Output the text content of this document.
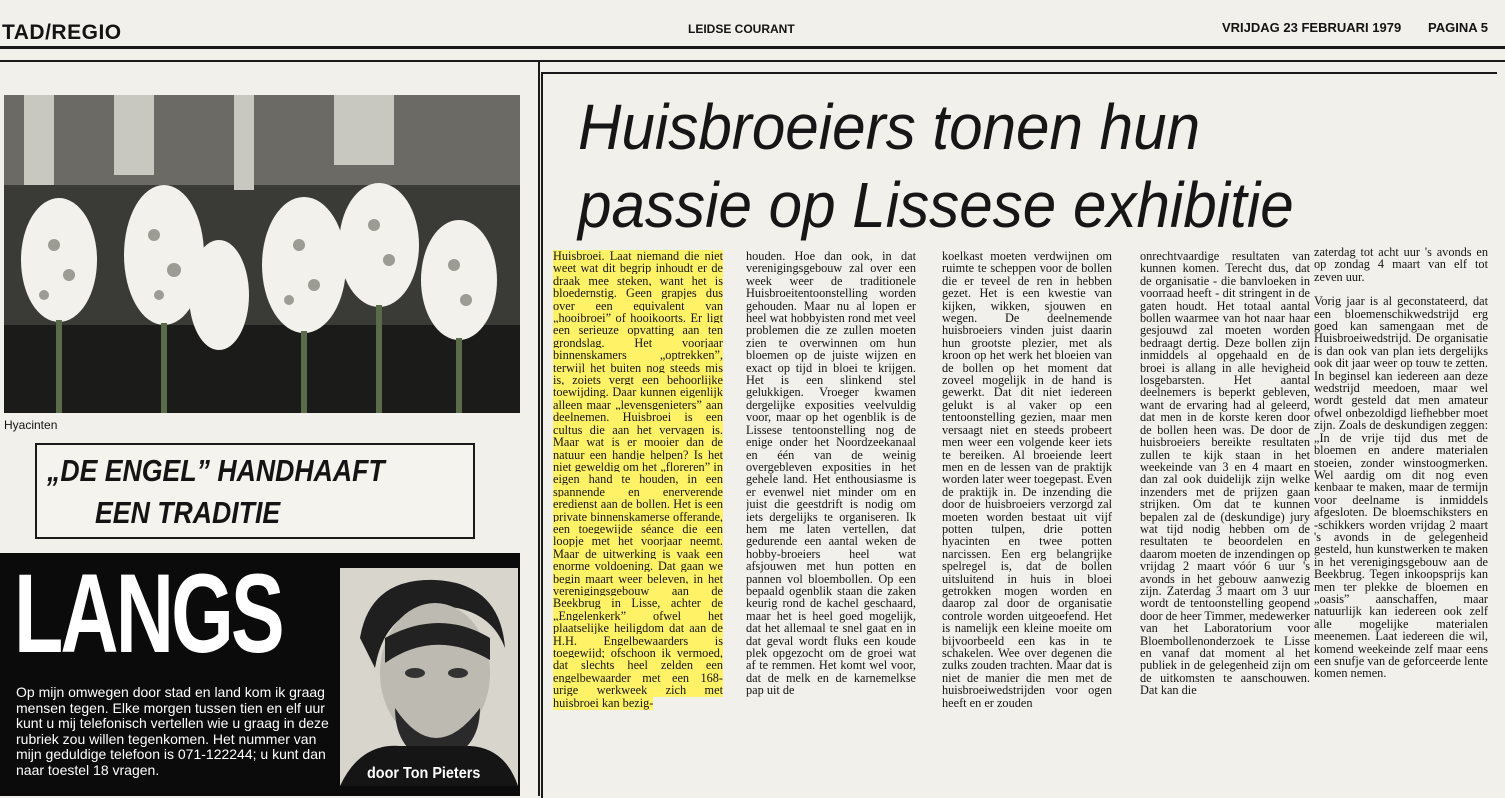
TAD/REGIO	LEIDSE COURANT	VRIJDAG 23 FEBRUARI 1979 PAGINA 5
Hyacinten
„DE ENGEL” HANDHAAFT
EEN TRADITIE
LANGS
Op mijn omwegen door stad en land kom ik graag mensen tegen. Elke morgen tussen tien en elf uur kunt u mij telefonisch vertellen wie u graag in deze rubriek zou willen tegenkomen. Het nummer van mijn geduldige telefoon is 071-122244; u kunt dan naar toestel 18 vragen.	door Ton Pieters
Huisbroeiers tonen hun
passie op Lissese exhibitie

Huisbroei. Laat niemand die niet weet wat dit begrip inhoudt er de draak mee steken, want het is bloedernstig. Geen grapjes dus over een equivalent van „hooibroei” of hooikoorts. Er ligt een serieuze opvatting aan ten grondslag. Het voorjaar binnenskamers „optrekken”, terwijl het buiten nog steeds mis is, zoiets vergt een behoorlijke toewijding. Daar kunnen eigenlijk alleen maar „levensgenieters” aan deelnemen. Huisbroei is een cultus die aan het vervagen is. Maar wat is er mooier dan de natuur een handje helpen? Is het niet geweldig om het „floreren” in eigen hand te houden, in een spannende en enerverende eredienst aan de bollen. Het is een private binnenskamerse offerande, een toegewijde séance die een loopje met het voorjaar neemt. Maar de uitwerking is vaak een enorme voldoening. Dat gaan we begin maart weer beleven, in het verenigingsgebouw aan de Beekbrug in Lisse, achter de „Engelenkerk” ofwel het plaatselijke heiligdom dat aan de H.H. Engelbewaarders is toegewijd; ofschoon ik vermoed, dat slechts heel zelden een engelbewaarder met een 168-urige werkweek zich met huisbroei kan bezig-

houden. Hoe dan ook, in dat verenigingsgebouw zal over een week weer de traditionele Huisbroeitentoonstelling worden gehouden. Maar nu al lopen er heel wat hobbyisten rond met veel problemen die ze zullen moeten zien te overwinnen om hun bloemen op de juiste wijzen en exact op tijd in bloei te krijgen. Het is een slinkend stel gelukkigen. Vroeger kwamen dergelijke exposities veelvuldig voor, maar op het ogenblik is de Lissese tentoonstelling nog de enige onder het Noordzeekanaal en één van de weinig overgebleven exposities in het gehele land. Het enthousiasme is er evenwel niet minder om en juist die geestdrift is nodig om iets dergelijks te organiseren. Ik hem me laten vertellen, dat gedurende een aantal weken de hobby-broeiers heel wat afsjouwen met hun potten en pannen vol bloembollen. Op een bepaald ogenblik staan die zaken keurig rond de kachel geschaard, maar het is heel goed mogelijk, dat het allemaal te snel gaat en in dat geval wordt fluks een koude plek opgezocht om de groei wat af te remmen. Het komt wel voor, dat de melk en de karnemelkse pap uit de

koelkast moeten verdwijnen om ruimte te scheppen voor de bollen die er teveel de ren in hebben gezet. Het is een kwestie van kijken, wikken, sjouwen en wegen. De deelnemende huisbroeiers vinden juist daarin hun grootste plezier, met als kroon op het werk het bloeien van de bollen op het moment dat zoveel mogelijk in de hand is gewerkt. Dat dit niet iedereen gelukt is al vaker op een tentoonstelling gezien, maar men versaagt niet en steeds probeert men weer een volgende keer iets te bereiken. Al broeiende leert men en de lessen van de praktijk worden later weer toegepast. Even de praktijk in. De inzending die door de huisbroeiers verzorgd zal moeten worden bestaat uit vijf potten tulpen, drie potten hyacinten en twee potten narcissen. Een erg belangrijke spelregel is, dat de bollen uitsluitend in huis in bloei getrokken mogen worden en daarop zal door de organisatie controle worden uitgeoefend. Het is namelijk een kleine moeite om bijvoorbeeld een kas in te schakelen. Wee over degenen die zulks zouden trachten. Maar dat is niet de manier die men met de huisbroeiwedstrijden voor ogen heeft en er zouden

onrechtvaardige resultaten van kunnen komen. Terecht dus, dat de organisatie - die banvloeken in voorraad heeft - dit stringent in de gaten houdt. Het totaal aantal bollen waarmee van hot naar haar gesjouwd zal moeten worden bedraagt dertig. Deze bollen zijn inmiddels al opgehaald en de broei is allang in alle hevigheid losgebarsten. Het aantal deelnemers is beperkt gebleven, want de ervaring had al geleerd, dat men in de korste keren door de bollen heen was. De door de huisbroeiers bereikte resultaten zullen te kijk staan in het weekeinde van 3 en 4 maart en dan zal ook duidelijk zijn welke inzenders met de prijzen gaan strijken. Om dat te kunnen bepalen zal de (deskundige) jury wat tijd nodig hebben om de resultaten te beoordelen en daarom moeten de inzendingen op vrijdag 2 maart vóór 6 uur 's avonds in het gebouw aanwezig zijn. Zaterdag 3 maart om 3 uur wordt de tentoonstelling geopend door de heer Timmer, medewerker van het Laboratorium voor Bloembollenonderzoek te Lisse en vanaf dat moment al het publiek in de gelegenheid zijn om de uitkomsten te aanschouwen. Dat kan die

zaterdag tot acht uur 's avonds en op zondag 4 maart van elf tot zeven uur.

Vorig jaar is al geconstateerd, dat een bloemenschikwedstrijd erg goed kan samengaan met de Huisbroeiwedstrijd. De organisatie is dan ook van plan iets dergelijks ook dit jaar weer op touw te zetten. In beginsel kan iedereen aan deze wedstrijd meedoen, maar wel wordt gesteld dat men amateur ofwel onbezoldigd liefhebber moet zijn. Zoals de deskundigen zeggen: „In de vrije tijd dus met de bloemen en andere materialen stoeien, zonder winstoogmerken. Wel aardig om dit nog even kenbaar te maken, maar de termijn voor deelname is inmiddels afgesloten. De bloemschiksters en -schikkers worden vrijdag 2 maart 's avonds in de gelegenheid gesteld, hun kunstwerken te maken in het verenigingsgebouw aan de Beekbrug. Tegen inkoopsprijs kan men ter plekke de bloemen en „oasis” aanschaffen, maar natuurlijk kan iedereen ook zelf alle mogelijke materialen meenemen. Laat iedereen die wil, komend weekeinde zelf maar eens een snufje van de geforceerde lente komen nemen.
